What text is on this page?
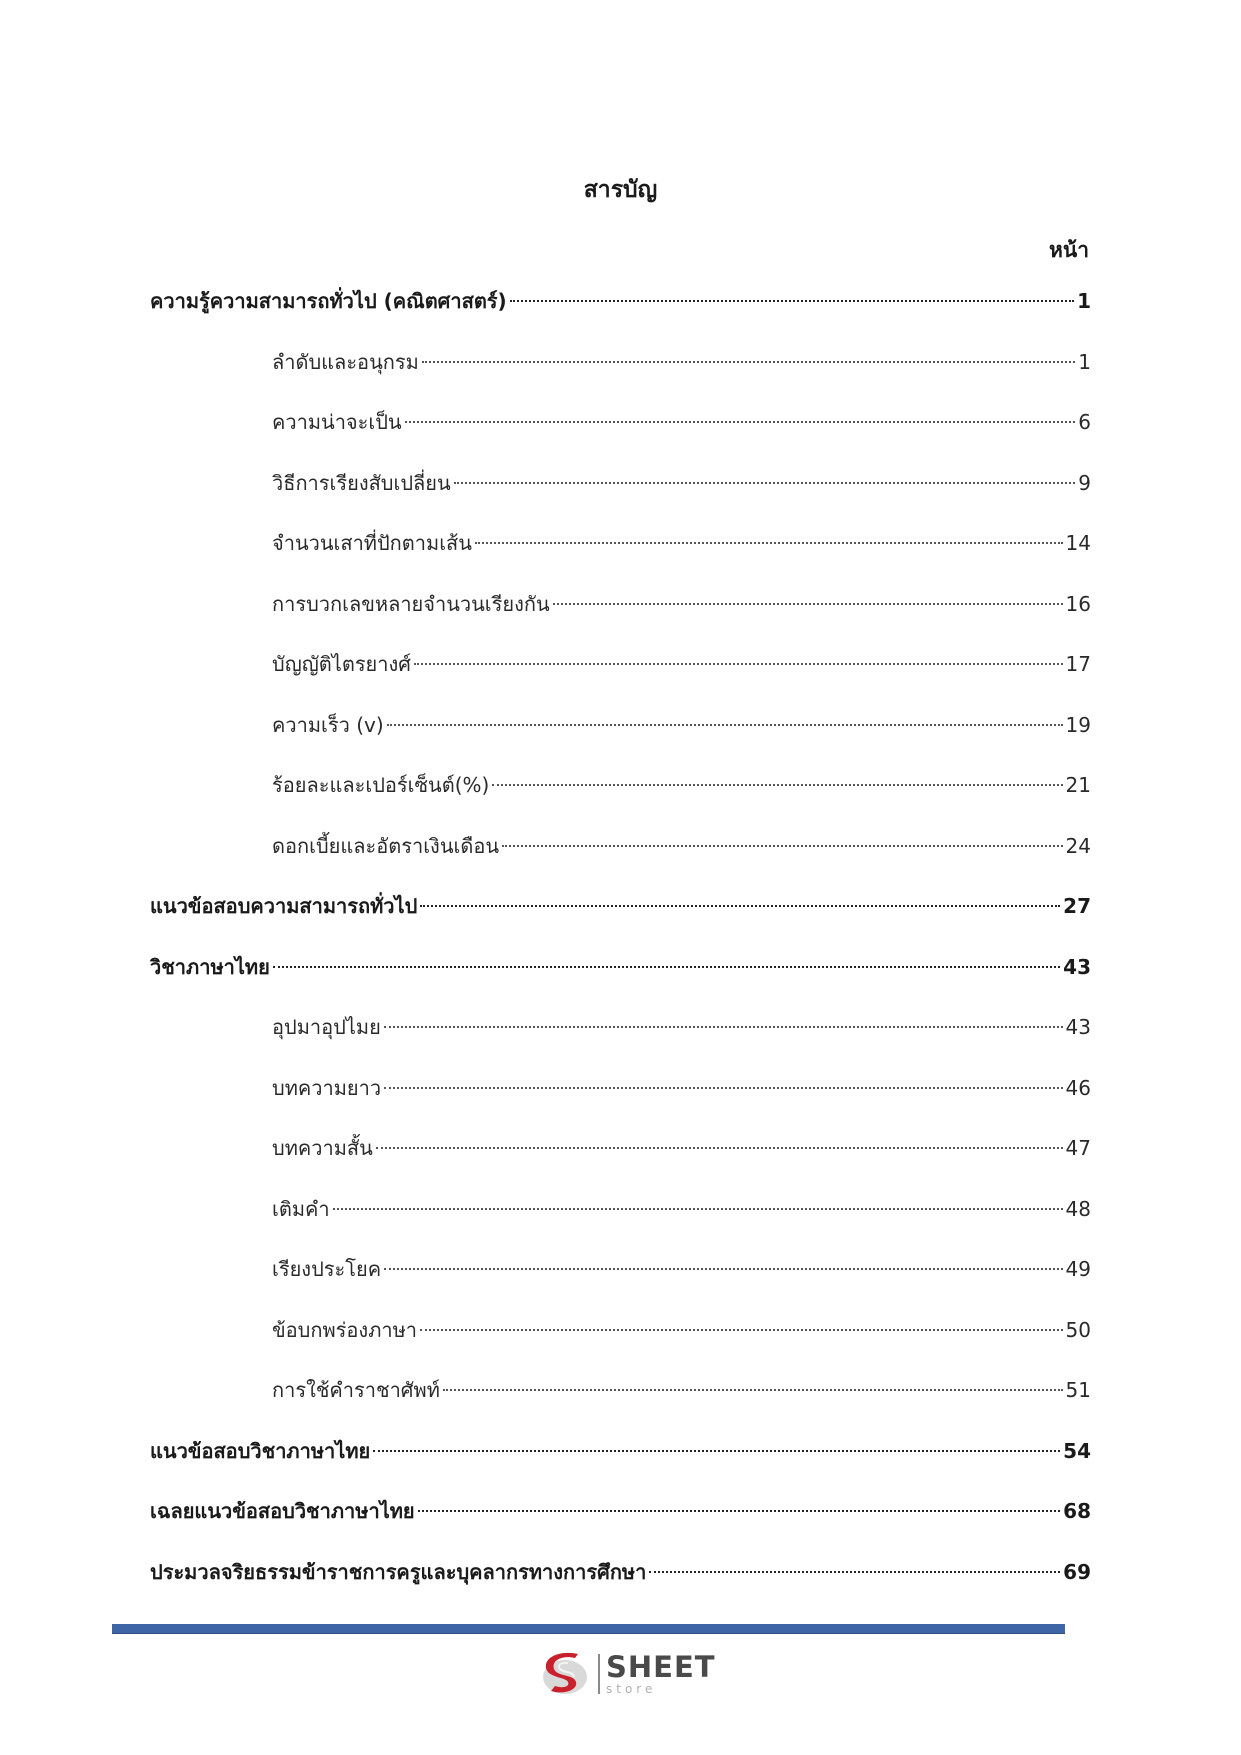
สารบัญ
หน้า
ความรู้ความสามารถทั่วไป (คณิตศาสตร์)	1
ลำดับและอนุกรม	1
ความน่าจะเป็น	6
วิธีการเรียงสับเปลี่ยน	9
จำนวนเสาที่ปักตามเส้น	14
การบวกเลขหลายจำนวนเรียงกัน	16
บัญญัติไตรยางศ์	17
ความเร็ว (v)	19
ร้อยละและเปอร์เซ็นต์(%)	21
ดอกเบี้ยและอัตราเงินเดือน	24
แนวข้อสอบความสามารถทั่วไป	27
วิชาภาษาไทย	43
อุปมาอุปไมย	43
บทความยาว	46
บทความสั้น	47
เติมคำ	48
เรียงประโยค	49
ข้อบกพร่องภาษา	50
การใช้คำราชาศัพท์	51
แนวข้อสอบวิชาภาษาไทย	54
เฉลยแนวข้อสอบวิชาภาษาไทย	68
ประมวลจริยธรรมข้าราชการครูและบุคลากรทางการศึกษา	69
SHEET
store
